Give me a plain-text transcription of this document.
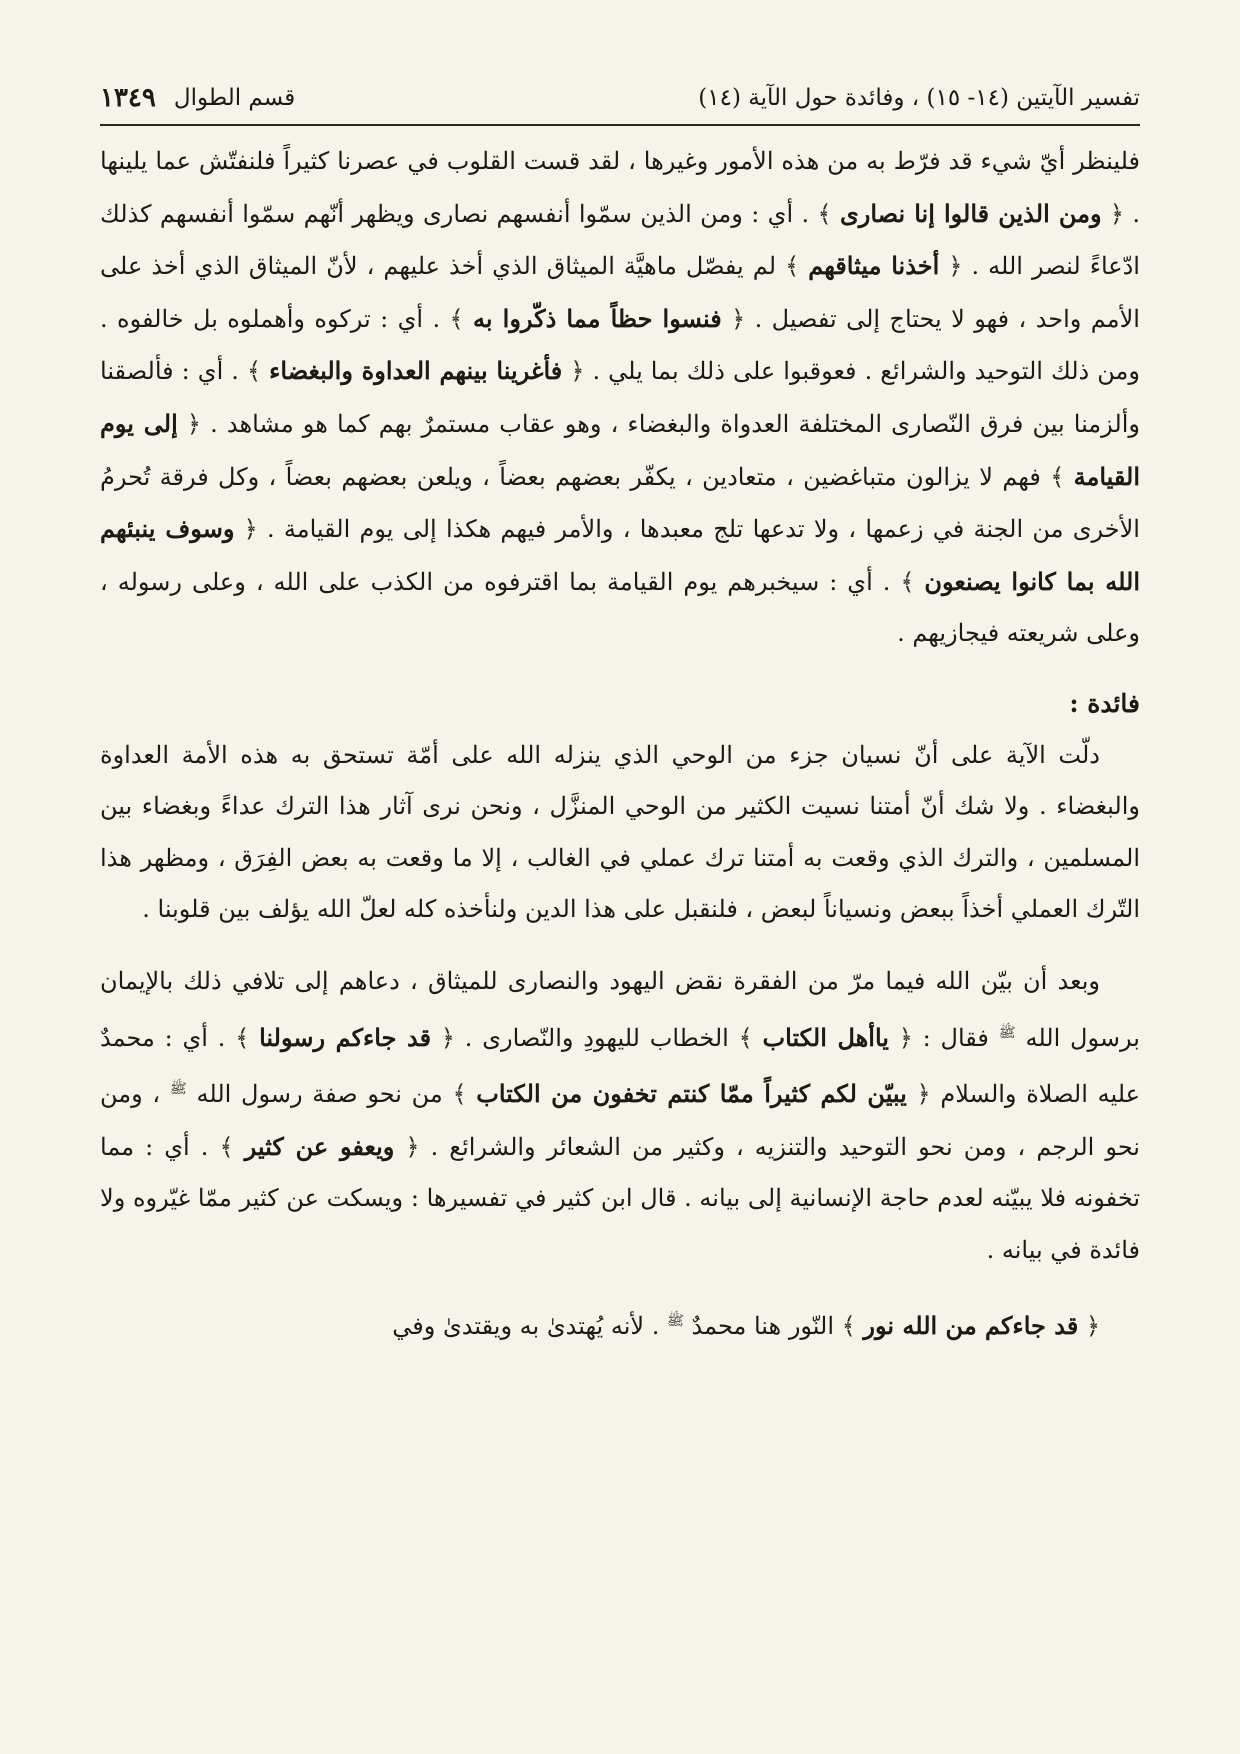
تفسير الآيتين (١٤- ١٥) ، وفائدة حول الآية (١٤)
قسم الطوال
١٣٤٩

فلينظر أيّ شيء قد فرّط به من هذه الأمور وغيرها ، لقد قست القلوب في عصرنا كثيراً فلنفتّش عما يلينها . ﴿ ومن الذين قالوا إنا نصارى ﴾ . أي : ومن الذين سمّوا أنفسهم نصارى ويظهر أنّهم سمّوا أنفسهم كذلك ادّعاءً لنصر الله . ﴿ أخذنا ميثاقهم ﴾ لم يفصّل ماهيَّة الميثاق الذي أخذ عليهم ، لأنّ الميثاق الذي أخذ على الأمم واحد ، فهو لا يحتاج إلى تفصيل . ﴿ فنسوا حظاً مما ذكّروا به ﴾ . أي : تركوه وأهملوه بل خالفوه . ومن ذلك التوحيد والشرائع . فعوقبوا على ذلك بما يلي . ﴿ فأغرينا بينهم العداوة والبغضاء ﴾ . أي : فألصقنا وألزمنا بين فرق النّصارى المختلفة العدواة والبغضاء ، وهو عقاب مستمرٌ بهم كما هو مشاهد . ﴿ إلى يوم القيامة ﴾ فهم لا يزالون متباغضين ، متعادين ، يكفّر بعضهم بعضاً ، ويلعن بعضهم بعضاً ، وكل فرقة تُحرمُ الأخرى من الجنة في زعمها ، ولا تدعها تلج معبدها ، والأمر فيهم هكذا إلى يوم القيامة . ﴿ وسوف ينبئهم الله بما كانوا يصنعون ﴾ . أي : سيخبرهم يوم القيامة بما اقترفوه من الكذب على الله ، وعلى رسوله ، وعلى شريعته فيجازيهم .

فائدة :

دلّت الآية على أنّ نسيان جزء من الوحي الذي ينزله الله على أمّة تستحق به هذه الأمة العداوة والبغضاء . ولا شك أنّ أمتنا نسيت الكثير من الوحي المنزَّل ، ونحن نرى آثار هذا الترك عداءً وبغضاء بين المسلمين ، والترك الذي وقعت به أمتنا ترك عملي في الغالب ، إلا ما وقعت به بعض الفِرَق ، ومظهر هذا التّرك العملي أخذاً ببعض ونسياناً لبعض ، فلنقبل على هذا الدين ولنأخذه كله لعلّ الله يؤلف بين قلوبنا .

وبعد أن بيّن الله فيما مرّ من الفقرة نقض اليهود والنصارى للميثاق ، دعاهم إلى تلافي ذلك بالإيمان برسول الله $^ﷺ$ فقال : ﴿ ياأهل الكتاب ﴾ الخطاب لليهودِ والنّصارى . ﴿ قد جاءكم رسولنا ﴾ . أي : محمدٌ عليه الصلاة والسلام ﴿ يبيّن لكم كثيراً ممّا كنتم تخفون من الكتاب ﴾ من نحو صفة رسول الله $^ﷺ$ ، ومن نحو الرجم ، ومن نحو التوحيد والتنزيه ، وكثير من الشعائر والشرائع . ﴿ ويعفو عن كثير ﴾ . أي : مما تخفونه فلا يبيّنه لعدم حاجة الإنسانية إلى بيانه . قال ابن كثير في تفسيرها : ويسكت عن كثير ممّا غيّروه ولا فائدة في بيانه .

﴿ قد جاءكم من الله نور ﴾ النّور هنا محمدٌ $^ﷺ$ . لأنه يُهتدىٰ به ويقتدىٰ وفي
